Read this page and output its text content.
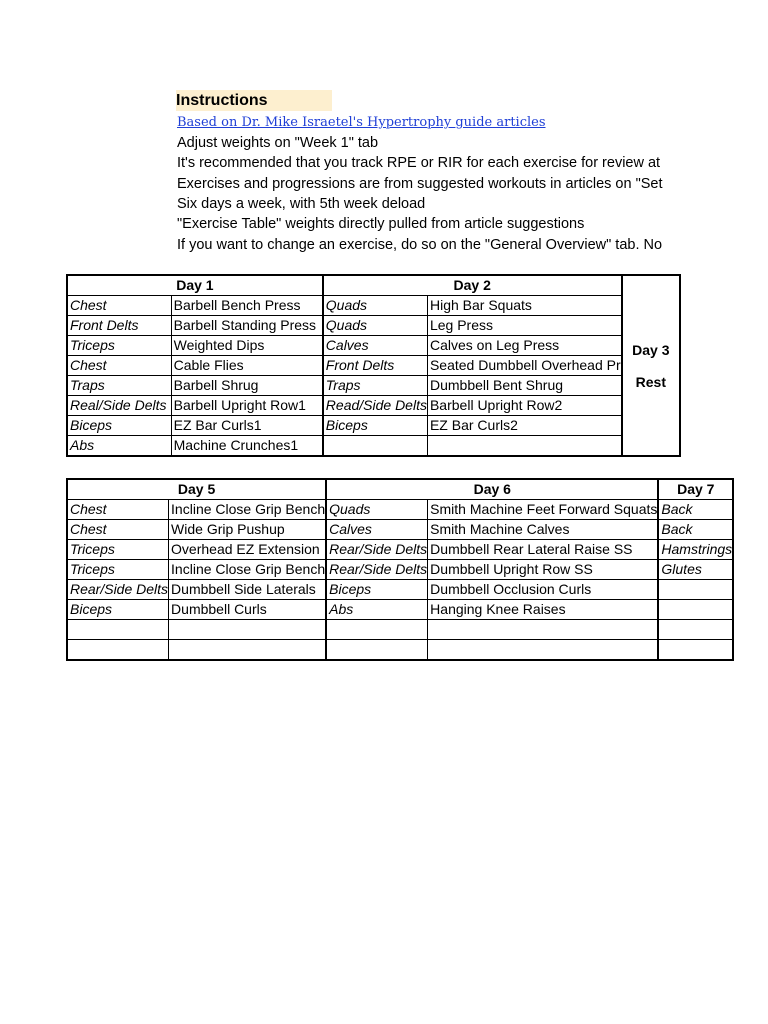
Instructions
Based on Dr. Mike Israetel's Hypertrophy guide articles
Adjust weights on "Week 1" tab
It's recommended that you track RPE or RIR for each exercise for review at
Exercises and progressions are from suggested workouts in articles on "Set
Six days a week, with 5th week deload
"Exercise Table" weights directly pulled from article suggestions
If you want to change an exercise, do so on the "General Overview" tab. No
Day 1		Day 2		Day 3
Rest

Chest	Barbell Bench Press	Quads	High Bar Squats	
Front Delts	Barbell Standing Press	Quads	Leg Press	
Triceps	Weighted Dips	Calves	Calves on Leg Press	
Chest	Cable Flies	Front Delts	Seated Dumbbell Overhead Pr	
Traps	Barbell Shrug	Traps	Dumbbell Bent Shrug	
Real/Side Delts	Barbell Upright Row1	Read/Side Delts	Barbell Upright Row2	
Biceps	EZ Bar Curls1	Biceps	EZ Bar Curls2	
Abs	Machine Crunches1			
Day 5		Day 6		Day 7
Chest	Incline Close Grip Bench	Quads	Smith Machine Feet Forward Squats	Back
Chest	Wide Grip Pushup	Calves	Smith Machine Calves	Back
Triceps	Overhead EZ Extension	Rear/Side Delts	Dumbbell Rear Lateral Raise SS	Hamstrings
Triceps	Incline Close Grip Bench	Rear/Side Delts	Dumbbell Upright Row SS	Glutes
Rear/Side Delts	Dumbbell Side Laterals	Biceps	Dumbbell Occlusion Curls	
Biceps	Dumbbell Curls	Abs	Hanging Knee Raises	
